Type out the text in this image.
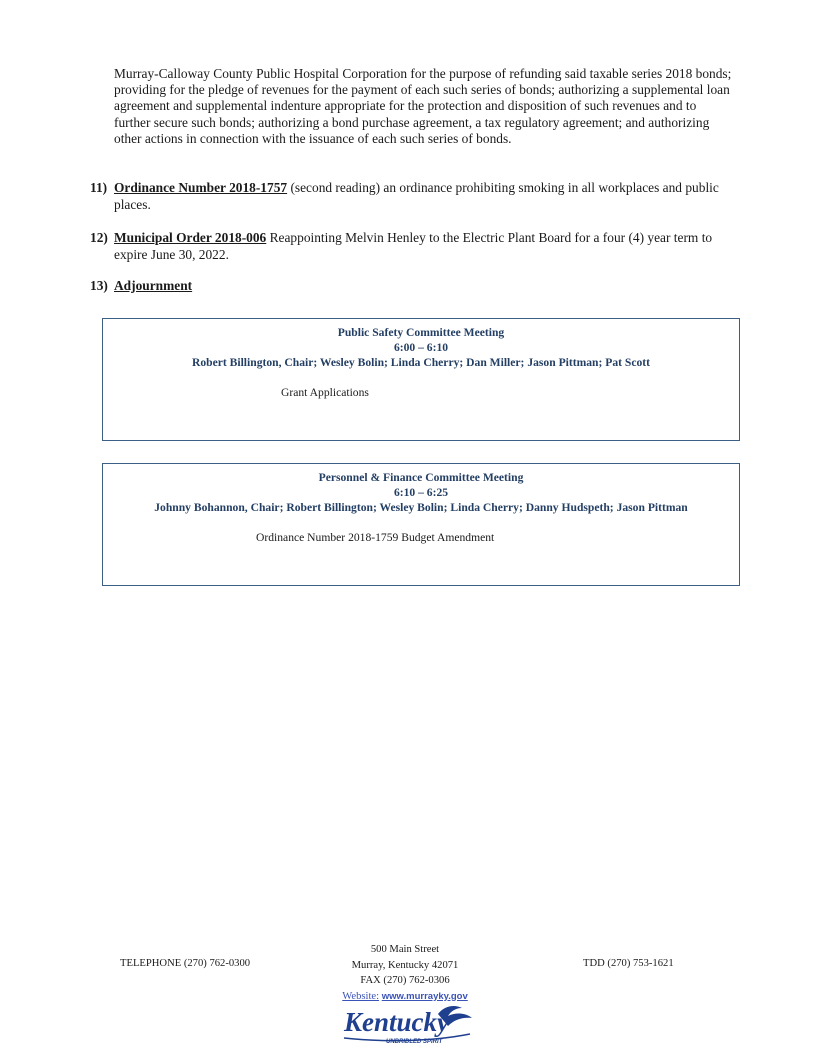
Murray-Calloway County Public Hospital Corporation for the purpose of refunding said taxable series 2018 bonds; providing for the pledge of revenues for the payment of each such series of bonds; authorizing a supplemental loan agreement and supplemental indenture appropriate for the protection and disposition of such revenues and to further secure such bonds; authorizing a bond purchase agreement, a tax regulatory agreement; and authorizing other actions in connection with the issuance of each such series of bonds.

11) Ordinance Number 2018-1757 (second reading) an ordinance prohibiting smoking in all workplaces and public places.
12) Municipal Order 2018-006 Reappointing Melvin Henley to the Electric Plant Board for a four (4) year term to expire June 30, 2022.
13) Adjournment
Public Safety Committee Meeting
6:00 – 6:10
Robert Billington, Chair; Wesley Bolin; Linda Cherry; Dan Miller; Jason Pittman; Pat Scott
Grant Applications
Personnel & Finance Committee Meeting
6:10 – 6:25
Johnny Bohannon, Chair; Robert Billington; Wesley Bolin; Linda Cherry; Danny Hudspeth; Jason Pittman
Ordinance Number 2018-1759 Budget Amendment
TELEPHONE (270) 762-0300
500 Main Street
Murray, Kentucky 42071
FAX (270) 762-0306
Website: www.murrayky.gov
TDD (270) 753-1621
Kentucky
UNBRIDLED SPIRIT
